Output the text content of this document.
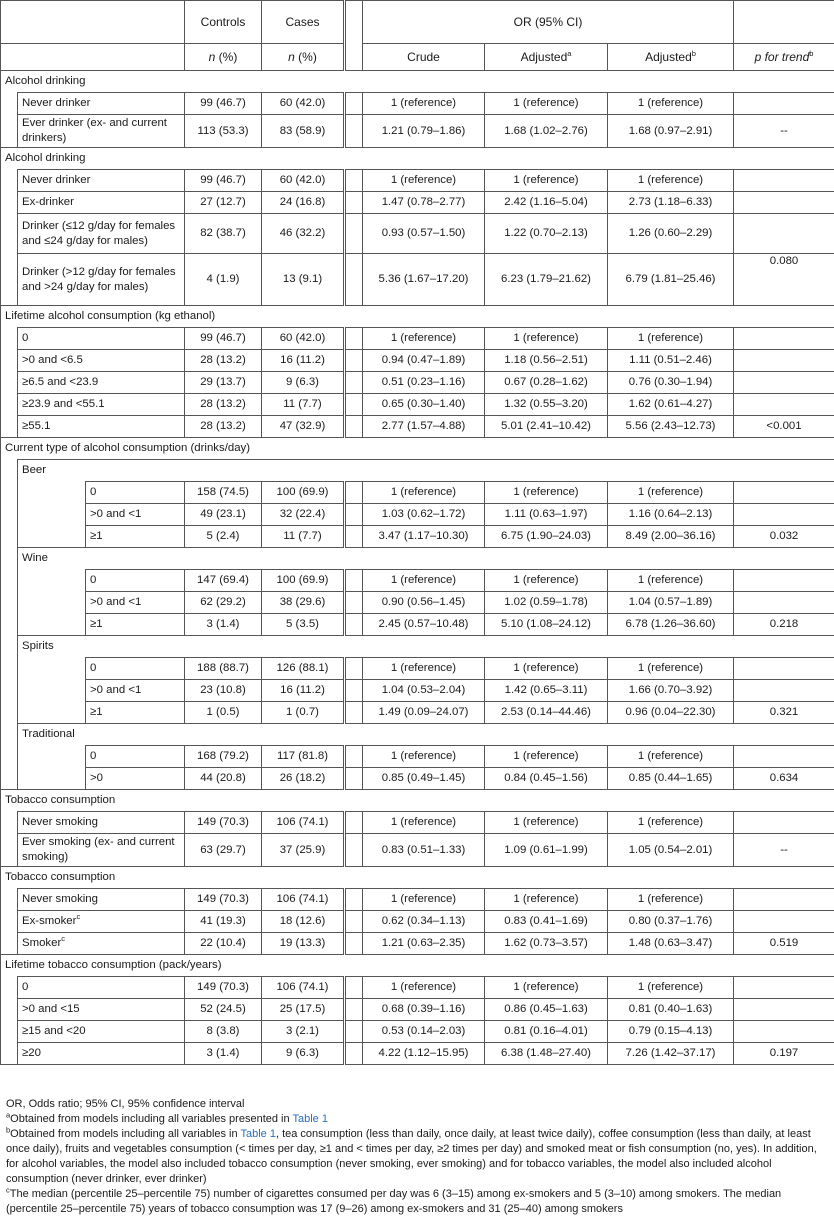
			Controls	Cases		OR (95% CI)			
			n (%)	n (%)		Crude	Adjusted$^a$	Adjusted$^b$	p for trend$^b$
Alcohol drinking									
	Never drinker		99 (46.7)	60 (42.0)		1 (reference)	1 (reference)	1 (reference)	
	Ever drinker (ex- and current drinkers)		113 (53.3)	83 (58.9)		1.21 (0.79–1.86)	1.68 (1.02–2.76)	1.68 (0.97–2.91)	--
Alcohol drinking									
	Never drinker		99 (46.7)	60 (42.0)		1 (reference)	1 (reference)	1 (reference)	
	Ex-drinker		27 (12.7)	24 (16.8)		1.47 (0.78–2.77)	2.42 (1.16–5.04)	2.73 (1.18–6.33)	
	Drinker (≤12 g/day for females and ≤24 g/day for males)		82 (38.7)	46 (32.2)		0.93 (0.57–1.50)	1.22 (0.70–2.13)	1.26 (0.60–2.29)	
	Drinker (>12 g/day for females and >24 g/day for males)		4 (1.9)	13 (9.1)		5.36 (1.67–17.20)	6.23 (1.79–21.62)	6.79 (1.81–25.46)	0.080
Lifetime alcohol consumption (kg ethanol)									
	0		99 (46.7)	60 (42.0)		1 (reference)	1 (reference)	1 (reference)	
	>0 and <6.5		28 (13.2)	16 (11.2)		0.94 (0.47–1.89)	1.18 (0.56–2.51)	1.11 (0.51–2.46)	
	≥6.5 and <23.9		29 (13.7)	9 (6.3)		0.51 (0.23–1.16)	0.67 (0.28–1.62)	0.76 (0.30–1.94)	
	≥23.9 and <55.1		28 (13.2)	11 (7.7)		0.65 (0.30–1.40)	1.32 (0.55–3.20)	1.62 (0.61–4.27)	
	≥55.1		28 (13.2)	47 (32.9)		2.77 (1.57–4.88)	5.01 (2.41–10.42)	5.56 (2.43–12.73)	<0.001
Current type of alcohol consumption (drinks/day)									
	Beer								
		0	158 (74.5)	100 (69.9)		1 (reference)	1 (reference)	1 (reference)	
		>0 and <1	49 (23.1)	32 (22.4)		1.03 (0.62–1.72)	1.11 (0.63–1.97)	1.16 (0.64–2.13)	
		≥1	5 (2.4)	11 (7.7)		3.47 (1.17–10.30)	6.75 (1.90–24.03)	8.49 (2.00–36.16)	0.032
	Wine								
		0	147 (69.4)	100 (69.9)		1 (reference)	1 (reference)	1 (reference)	
		>0 and <1	62 (29.2)	38 (29.6)		0.90 (0.56–1.45)	1.02 (0.59–1.78)	1.04 (0.57–1.89)	
		≥1	3 (1.4)	5 (3.5)		2.45 (0.57–10.48)	5.10 (1.08–24.12)	6.78 (1.26–36.60)	0.218
	Spirits								
		0	188 (88.7)	126 (88.1)		1 (reference)	1 (reference)	1 (reference)	
		>0 and <1	23 (10.8)	16 (11.2)		1.04 (0.53–2.04)	1.42 (0.65–3.11)	1.66 (0.70–3.92)	
		≥1	1 (0.5)	1 (0.7)		1.49 (0.09–24.07)	2.53 (0.14–44.46)	0.96 (0.04–22.30)	0.321
	Traditional								
		0	168 (79.2)	117 (81.8)		1 (reference)	1 (reference)	1 (reference)	
		>0	44 (20.8)	26 (18.2)		0.85 (0.49–1.45)	0.84 (0.45–1.56)	0.85 (0.44–1.65)	0.634
Tobacco consumption									
	Never smoking		149 (70.3)	106 (74.1)		1 (reference)	1 (reference)	1 (reference)	
	Ever smoking (ex- and current smoking)		63 (29.7)	37 (25.9)		0.83 (0.51–1.33)	1.09 (0.61–1.99)	1.05 (0.54–2.01)	--
Tobacco consumption									
	Never smoking		149 (70.3)	106 (74.1)		1 (reference)	1 (reference)	1 (reference)	
	Ex-smoker$^c$		41 (19.3)	18 (12.6)		0.62 (0.34–1.13)	0.83 (0.41–1.69)	0.80 (0.37–1.76)	
	Smoker$^c$		22 (10.4)	19 (13.3)		1.21 (0.63–2.35)	1.62 (0.73–3.57)	1.48 (0.63–3.47)	0.519
Lifetime tobacco consumption (pack/years)									
	0		149 (70.3)	106 (74.1)		1 (reference)	1 (reference)	1 (reference)	
	>0 and <15		52 (24.5)	25 (17.5)		0.68 (0.39–1.16)	0.86 (0.45–1.63)	0.81 (0.40–1.63)	
	≥15 and <20		8 (3.8)	3 (2.1)		0.53 (0.14–2.03)	0.81 (0.16–4.01)	0.79 (0.15–4.13)	
	≥20		3 (1.4)	9 (6.3)		4.22 (1.12–15.95)	6.38 (1.48–27.40)	7.26 (1.42–37.17)	0.197
OR, Odds ratio; 95% CI, 95% confidence interval
$^a$Obtained from models including all variables presented in Table 1
$^b$Obtained from models including all variables in Table 1, tea consumption (less than daily, once daily, at least twice daily), coffee consumption (less than daily, at least once daily), fruits and vegetables consumption (< times per day, ≥1 and < times per day, ≥2 times per day) and smoked meat or fish consumption (no, yes). In addition, for alcohol variables, the model also included tobacco consumption (never smoking, ever smoking) and for tobacco variables, the model also included alcohol consumption (never drinker, ever drinker)
$^c$The median (percentile 25–percentile 75) number of cigarettes consumed per day was 6 (3–15) among ex-smokers and 5 (3–10) among smokers. The median (percentile 25–percentile 75) years of tobacco consumption was 17 (9–26) among ex-smokers and 31 (25–40) among smokers
